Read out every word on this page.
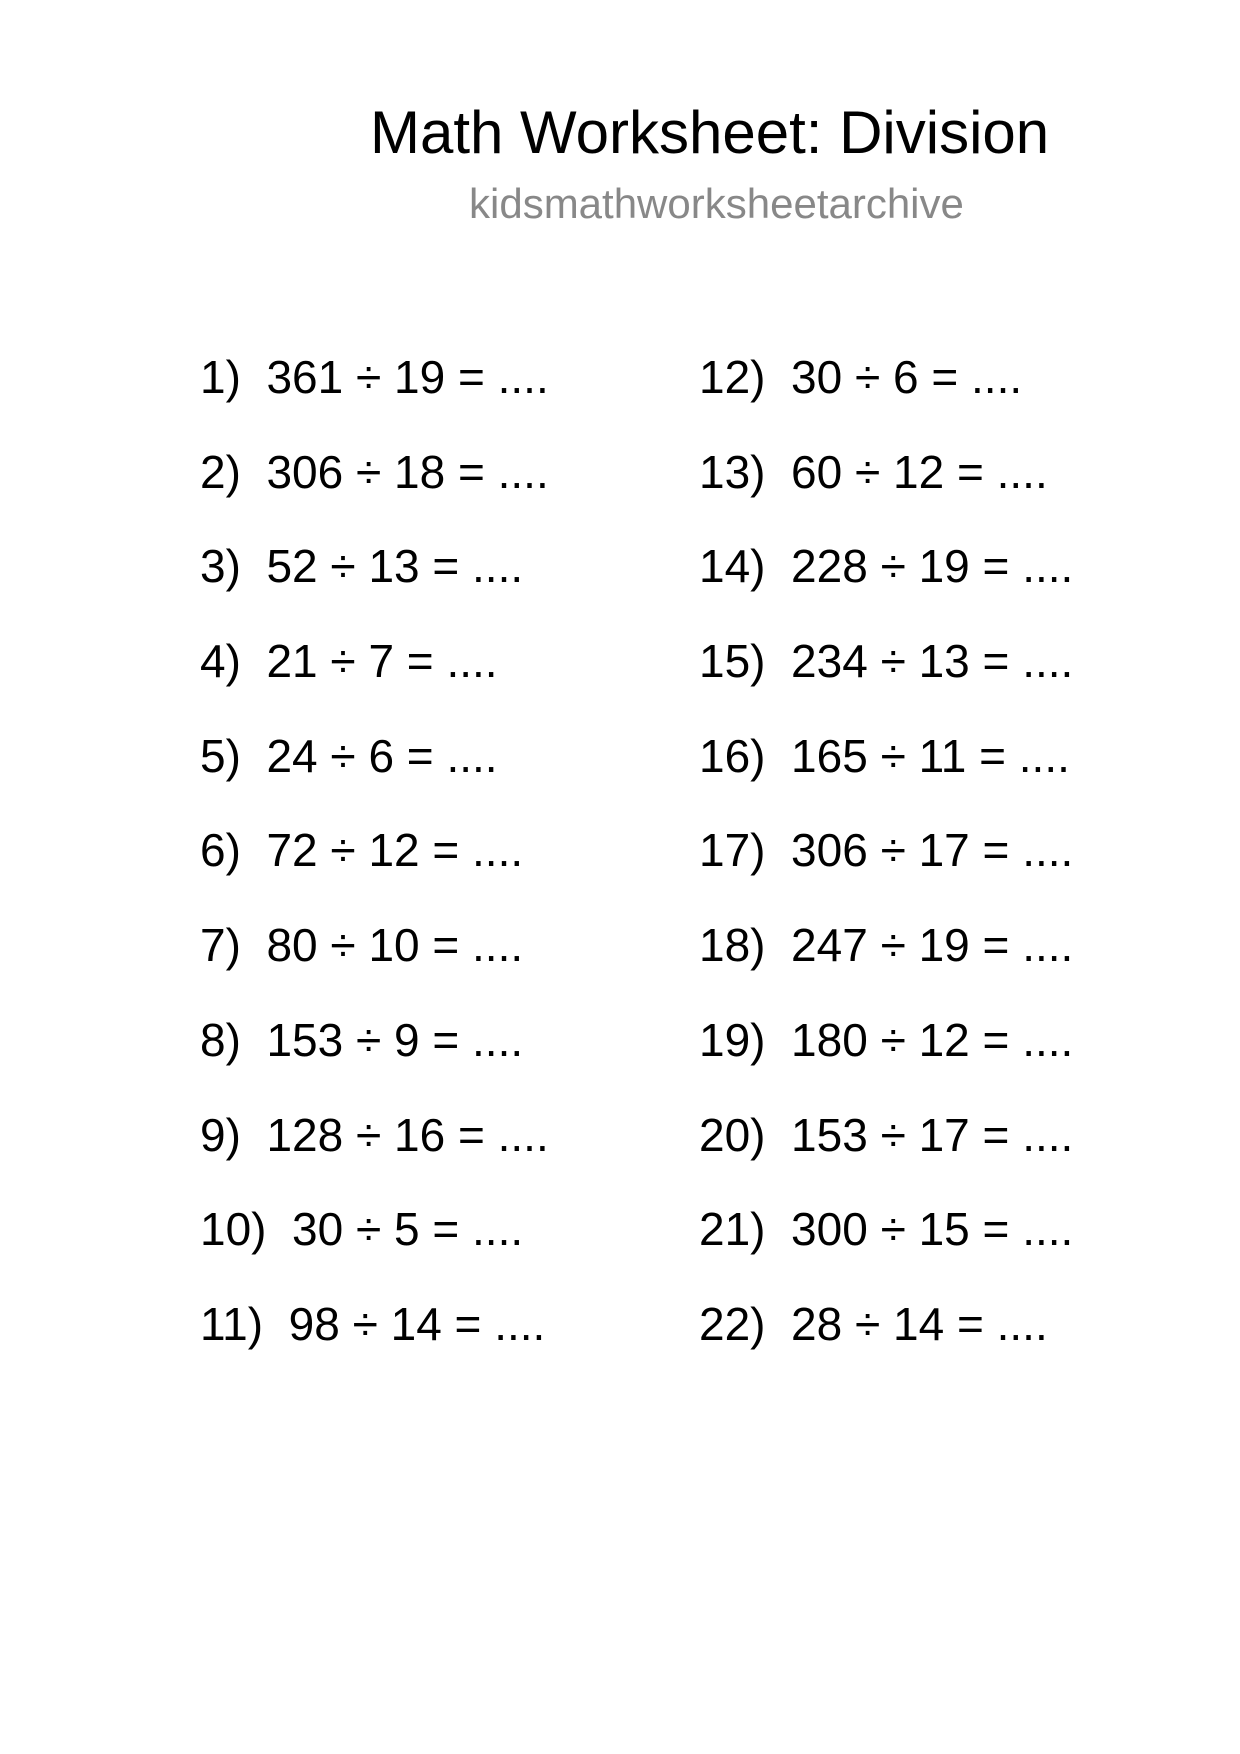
Math Worksheet: Division
kidsmathworksheetarchive
1) 361 ÷ 19 = ....
2) 306 ÷ 18 = ....
3) 52 ÷ 13 = ....
4) 21 ÷ 7 = ....
5) 24 ÷ 6 = ....
6) 72 ÷ 12 = ....
7) 80 ÷ 10 = ....
8) 153 ÷ 9 = ....
9) 128 ÷ 16 = ....
10) 30 ÷ 5 = ....
11) 98 ÷ 14 = ....
12) 30 ÷ 6 = ....
13) 60 ÷ 12 = ....
14) 228 ÷ 19 = ....
15) 234 ÷ 13 = ....
16) 165 ÷ 11 = ....
17) 306 ÷ 17 = ....
18) 247 ÷ 19 = ....
19) 180 ÷ 12 = ....
20) 153 ÷ 17 = ....
21) 300 ÷ 15 = ....
22) 28 ÷ 14 = ....
